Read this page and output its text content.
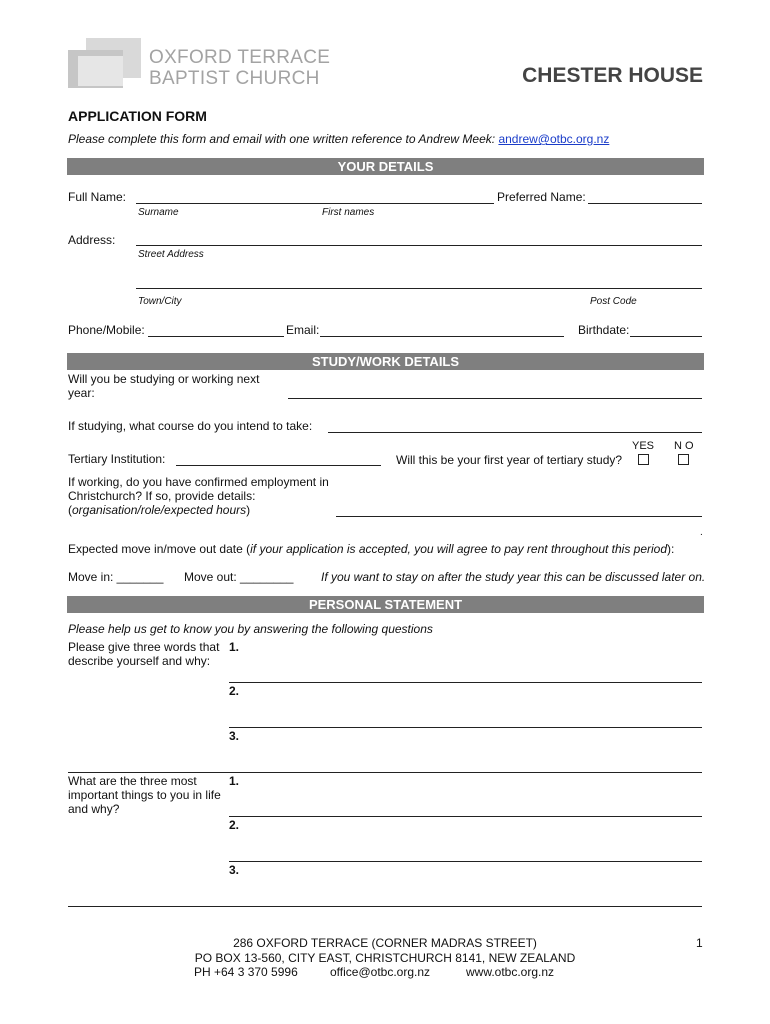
OXFORD TERRACE
BAPTIST CHURCH	CHESTER HOUSE
APPLICATION FORM
Please complete this form and email with one written reference to Andrew Meek: andrew@otbc.org.nz
YOUR DETAILS
Full Name:	Preferred Name:
Surname	First names
Address:
Street Address
Town/City	Post Code
Phone/Mobile:	Email:	Birthdate:
STUDY/WORK DETAILS
Will you be studying or working next
year:
If studying, what course do you intend to take:
YES NO
Tertiary Institution:	Will this be your first year of tertiary study?
If working, do you have confirmed employment in
Christchurch? If so, provide details:
(organisation/role/expected hours)
.
Expected move in/move out date (if your application is accepted, you will agree to pay rent throughout this period):
Move in: _______ Move out: ________ If you want to stay on after the study year this can be discussed later on.
PERSONAL STATEMENT
Please help us get to know you by answering the following questions
Please give three words that
describe yourself and why:
1.
2.
3.
What are the three most
important things to you in life
and why?
1.
2.
3.
286 OXFORD TERRACE (CORNER MADRAS STREET)
PO BOX 13-560, CITY EAST, CHRISTCHURCH 8141, NEW ZEALAND
PH +64 3 370 5996	office@otbc.org.nz	www.otbc.org.nz
1
